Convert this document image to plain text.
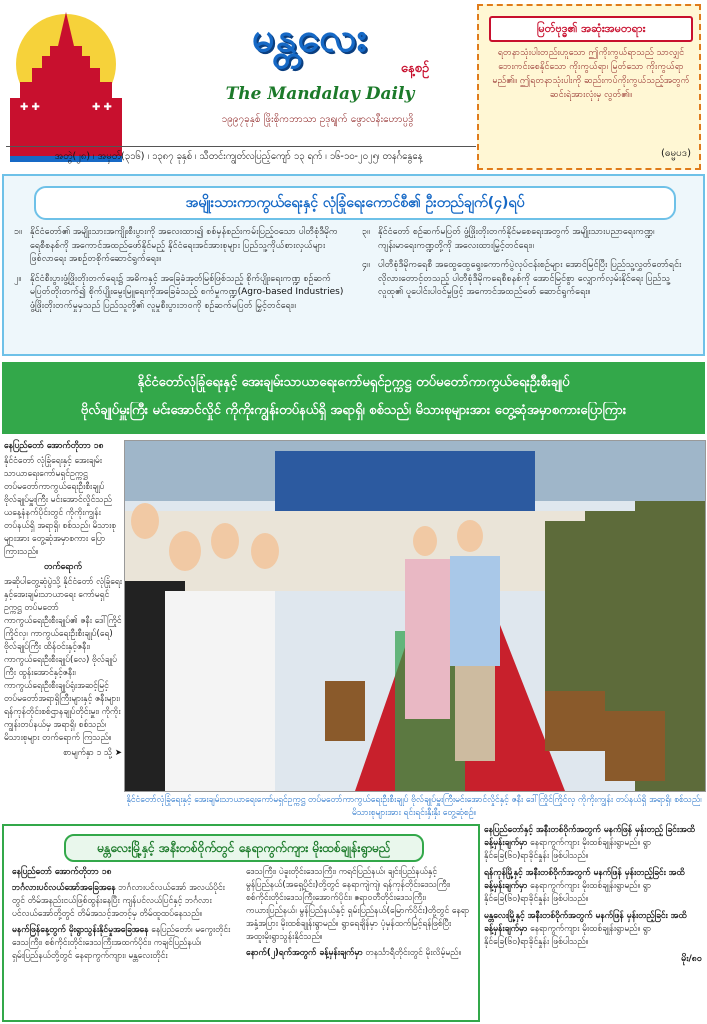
✚ ✚	✚ ✚
မန္တလေး
နေ့စဉ်
The Mandalay Daily
၁၉၉၇ခုနှစ် ဖြိုးစိုကဘာသာ ဥဒုရျက် ဖွောလနီးဟောပ္ပဒွိ
အတွဲ(၂၈) ၊ အမှတ်(၃၁၆) ၊ ၁၃၈၇ ခုနှစ် ၊ သီတင်းကျွတ်လပြည့်ကျော် ၁၃ ရက် ၊ ၁၆-၁၀-၂၀၂၅၊ တနင်္ဂနွေနေ့
မြတ်ဗုဒ္ဓ၏ အဆုံးအမတရား
ရတနာသုံးပါးတည်းဟူသော ဤကိုးကွယ်ရာသည် သာလျှင် ဘေးကင်းစေနိုင်သော ကိုးကွယ်ရာ၊ မြတ်သော ကိုးကွယ်ရာမည်၏။ ဤရတနာသုံးပါးကို ဆည်းကပ်ကိုးကွယ်သည့်အတွက် ဆင်းရဲအားလုံးမှ လွတ်၏။
(ဓမ္မပဒ)
အမျိုးသားကာကွယ်ရေးနှင့် လုံခြုံရေးကောင်စီ၏ ဦးတည်ချက်(၄)ရပ်
၁။ နိုင်ငံတော်၏ အမျိုးသားအကျိုးစီးပွားကို အလေးထား၍ စစ်မှန်စည်းကမ်းပြည့်ဝသော ပါတီစုံဒီမိုကရေစီစနစ်ကို အကောင်အထည်ဖော်နိုင်မည့် နိုင်ငံရေးအင်အားစုများ ပြည်သူ့ကိုယ်စားလှယ်များဖြစ်လာရေး အစဉ်တစိုက်ဆောင်ရွက်ရေး။
၂။ နိုင်ငံစီးပွားဖွံ့ဖြိုးတိုးတက်ရေး၌ အဓိကနှင့် အခြေခံအုတ်မြစ်ဖြစ်သည့် စိုက်ပျိုးရေးကဏ္ဍ စဉ်ဆက်မပြတ်တိုးတက်၍ စိုက်ပျိုးမွေးမြူရေးကိုအခြေခံသည့် စက်မှုကဏ္ဍ(Agro-based Industries) ဖွံ့ဖြိုးတိုးတက်မှုမှသည် ပြည်သူတို့၏ လူမှုစီးပွားဘဝကို စဉ်ဆက်မပြတ် မြှင့်တင်ရေး။
၃။ နိုင်ငံတော် စဉ်ဆက်မပြတ် ဖွံ့ဖြိုးတိုးတက်နိုင်မစေရေးအတွက် အမျိုးသားပညာရေးကဏ္ဍ၊ ကျန်းမာရေးကဏ္ဍတို့ကို အလေးထားမြှင့်တင်ရေး။
၄။ ပါတီစုံဒီမိုကရေစီ အထွေထွေရွေးကောက်ပွဲလုပ်ငန်းစဉ်များ အောင်မြင်ပြီး ပြည်သူ့လွှတ်တော်ရင်း လိုလားတောင့်တသည့် ပါတီစုံဒီမိုကရေစီစနစ်ကို အောင်မြင်စွာ လျှောက်လှမ်းနိုင်ရေး ပြည်သူ့လူထု၏ ပူပေါင်းပါဝင်မှုဖြင့် အကောင်အထည်ဖော် ဆောင်ရွက်ရေး။
နိုင်ငံတော်လုံခြုံရေးနှင့် အေးချမ်းသာယာရေးကော်မရှင်ဥက္ကဋ္ဌ တပ်မတော်ကာကွယ်ရေးဦးစီးချုပ်
ဗိုလ်ချုပ်မှူးကြီး မင်းအောင်လှိုင် ကိုကိုးကျွန်းတပ်နယ်ရှိ အရာရှိ၊ စစ်သည်၊ မိသားစုများအား တွေ့ဆုံအမှာစကားပြောကြား

နေပြည်တော် အောက်တိုဘာ ၁၈

နိုင်ငံတော် လုံခြုံရေးနှင့် အေးချမ်းသာယာရေးကော်မရှင်ဥက္ကဋ္ဌ တပ်မတော်ကာကွယ်ရေးဦးစီးချုပ် ဗိုလ်ချုပ်မှူးကြီး မင်းအောင်လှိုင်သည် ယနေ့နံနက်ပိုင်းတွင် ကိုကိုးကျွန်းတပ်နယ်ရှိ အရာရှိ၊ စစ်သည်၊ မိသားစုများအား တွေ့ဆုံအမှာစကား ပြောကြားသည်။

တက်ရောက်

အဆိုပါတွေ့ဆုံပွဲသို့ နိုင်ငံတော် လုံခြုံရေးနှင့်အေးချမ်းသာယာရေး ကော်မရှင်ဥက္ကဋ္ဌ တပ်မတော် ကာကွယ်ရေးဦးစီးချုပ်၏ ဇနီး ဒေါ်ကြိုင်ကြိုင်လှ၊ ကာကွယ်ရေးဦးစီးချုပ်(ရေ) ဗိုလ်ချုပ်ကြီး ထိန်ဝင်းနှင့်ဇနီး၊ ကာကွယ်ရေးဦးစီးချုပ်(လေ) ဗိုလ်ချုပ်ကြီး ထွန်းအောင်နှင့်ဇနီး၊ ကာကွယ်ရေးဦးစီးချုပ်ရုံးအဆင့်မြင့်တပ်မတော်အရာရှိကြီးများနှင့် ဇနီးများ၊ ရန်ကုန်တိုင်းစစ်ဌာနချုပ်တိုင်းမှူး၊ ကိုကိုးကျွန်းတပ်နယ်မှ အရာရှိ၊ စစ်သည်၊ မိသားစုများ တက်ရောက် ကြသည်။

စာမျက်နှာ ၁ သို့ ➤
နိုင်ငံတော်လုံခြုံရေးနှင့် အေးချမ်းသာယာရေးကော်မရှင်ဥက္ကဋ္ဌ တပ်မတော်ကာကွယ်ရေးဦးစီးချုပ် ဗိုလ်ချုပ်မှူးကြီးမင်းအောင်လှိုင်နှင့် ဇနီး ဒေါ်ကြိုင်ကြိုင်လှ ကိုကိုးကျွန်း တပ်နယ်ရှိ အရာရှိ၊ စစ်သည်၊ မိသားစုများအား ရင်းရင်းနှီးနှီး တွေ့ဆုံစဉ်။
မန္တလေးမြို့နှင့် အနီးတစ်ဝိုက်တွင် နေရာကွက်ကျား မိုးထစ်ချုန်းရွာမည်

နေပြည်တော် အောက်တိုဘာ ၁၈

ဘင်္ဂလားပင်လယ်အော်အခြေအနေ ဘင်္ဂလားပင်လယ်အော် အလယ်ပိုင်းတွင် တိမ်အနည်းငယ်ဖြစ်ထွန်းနေပြီး ကျန်ပင်လယ်ပြင်နှင့် ဘင်္ဂလားပင်လယ်အော်တို့တွင် တိမ်အသင့်အတင့်မှ တိမ်ထူထပ်နေသည်။

မနက်ဖြန်နေ့တွက် မိုးရွာသွန်းနိုင်မှုအခြေအနေ နေပြည်တော်၊ မကွေးတိုင်းဒေသကြီး၊ စစ်ကိုင်းတိုင်းဒေသကြီးအထက်ပိုင်း၊ ကချင်ပြည်နယ်၊ ရှမ်းပြည်နယ်တို့တွင် နေရာကွက်ကျား၊ မန္တလေးတိုင်း

ဒေသကြီး၊ ပဲခူးတိုင်းဒေသကြီး၊ ကရင်ပြည်နယ်၊ ချင်းပြည်နယ်နှင့် မွန်ပြည်နယ်(အရှေ့ပိုင်း)တို့တွင် နေရာကျဲကျဲ၊ ရန်ကုန်တိုင်းဒေသကြီး၊ စစ်ကိုင်းတိုင်းဒေသကြီးအောက်ပိုင်း၊ ဧရာဝတီတိုင်းဒေသကြီး၊ ကယားပြည်နယ်၊ မွန်ပြည်နယ်နှင့် ရှမ်းပြည်နယ်(မြောက်ပိုင်း)တို့တွင် နေရာအနှံ့အပြား မိုးထစ်ချုန်းရွာမည်။ ရွာရေချိန်မှာ ပုံမှန်ထက်မြင့်ရန်ဖြစ်ပြီး အထူးမိုးရွာသွန်းနိုင်သည်။

နောက်(၂)ရက်အတွက် ခန့်မှန်းချက်မှာ တနင်္သာရီတိုင်းတွင် မိုးလိမ့်မည်။

နေပြည်တော်နှင့် အနီးတစ်ဝိုက်အတွက် မနက်ဖြန် မှန်းတည့် ခြင်းအထိ ခန့်မှန်းချက်မှာ နေရာကွက်ကျား မိုးထစ်ချုန်းရွာမည်။ ရွာနိုင်ခြေ(၆၀)ရာခိုင်နှုန်း ဖြစ်ပါသည်။

ရန်ကုန်မြို့နှင့် အနီးတစ်ဝိုက်အတွက် မနက်ဖြန် မှန်းတည့်ခြင်း အထိ ခန့်မှန်းချက်မှာ နေရာကွက်ကျား မိုးထစ်ချုန်းရွာမည်။ ရွာနိုင်ခြေ(၆၀)ရာခိုင်နှုန်း ဖြစ်ပါသည်။

မန္တလေးမြို့နှင့် အနီးတစ်ဝိုက်အတွက် မနက်ဖြန် မှန်းတည့်ခြင်း အထိ ခန့်မှန်းချက်မှာ နေရာကွက်ကျား မိုးထစ်ချုန်းရွာမည်။ ရွာနိုင်ခြေ(၆၀)ရာခိုင်နှုန်း ဖြစ်ပါသည်။

မိုး/၈၀
